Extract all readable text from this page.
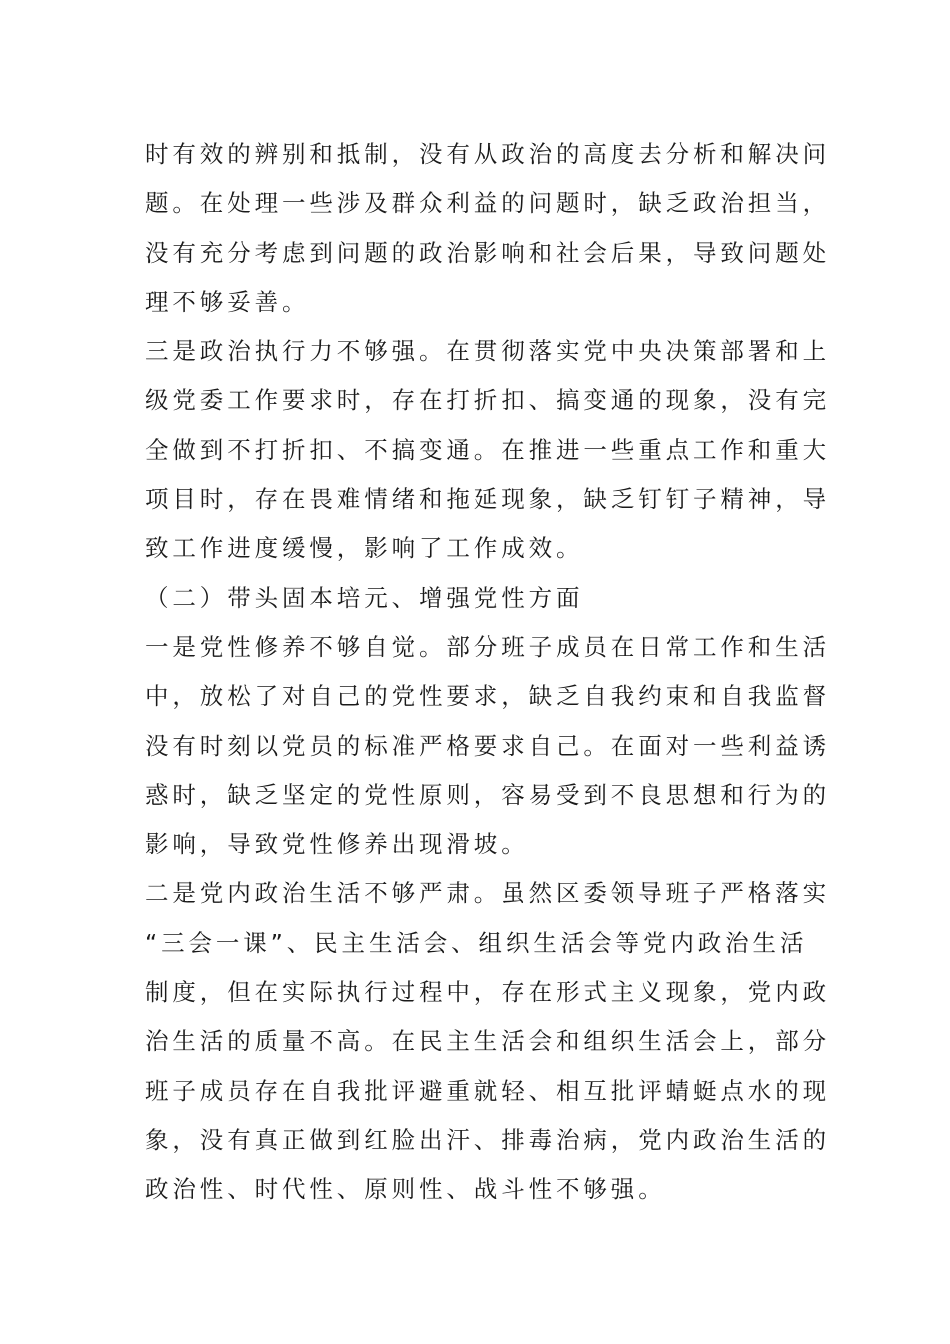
时有效的辨别和抵制，没有从政治的高度去分析和解决问
题。在处理一些涉及群众利益的问题时，缺乏政治担当，
没有充分考虑到问题的政治影响和社会后果，导致问题处
理不够妥善。
三是政治执行力不够强。在贯彻落实党中央决策部署和上
级党委工作要求时，存在打折扣、搞变通的现象，没有完
全做到不打折扣、不搞变通。在推进一些重点工作和重大
项目时，存在畏难情绪和拖延现象，缺乏钉钉子精神，导
致工作进度缓慢，影响了工作成效。
（二）带头固本培元、增强党性方面
一是党性修养不够自觉。部分班子成员在日常工作和生活
中，放松了对自己的党性要求，缺乏自我约束和自我监督
没有时刻以党员的标准严格要求自己。在面对一些利益诱
惑时，缺乏坚定的党性原则，容易受到不良思想和行为的
影响，导致党性修养出现滑坡。
二是党内政治生活不够严肃。虽然区委领导班子严格落实
“三会一课”、民主生活会、组织生活会等党内政治生活
制度，但在实际执行过程中，存在形式主义现象，党内政
治生活的质量不高。在民主生活会和组织生活会上，部分
班子成员存在自我批评避重就轻、相互批评蜻蜓点水的现
象，没有真正做到红脸出汗、排毒治病，党内政治生活的
政治性、时代性、原则性、战斗性不够强。
